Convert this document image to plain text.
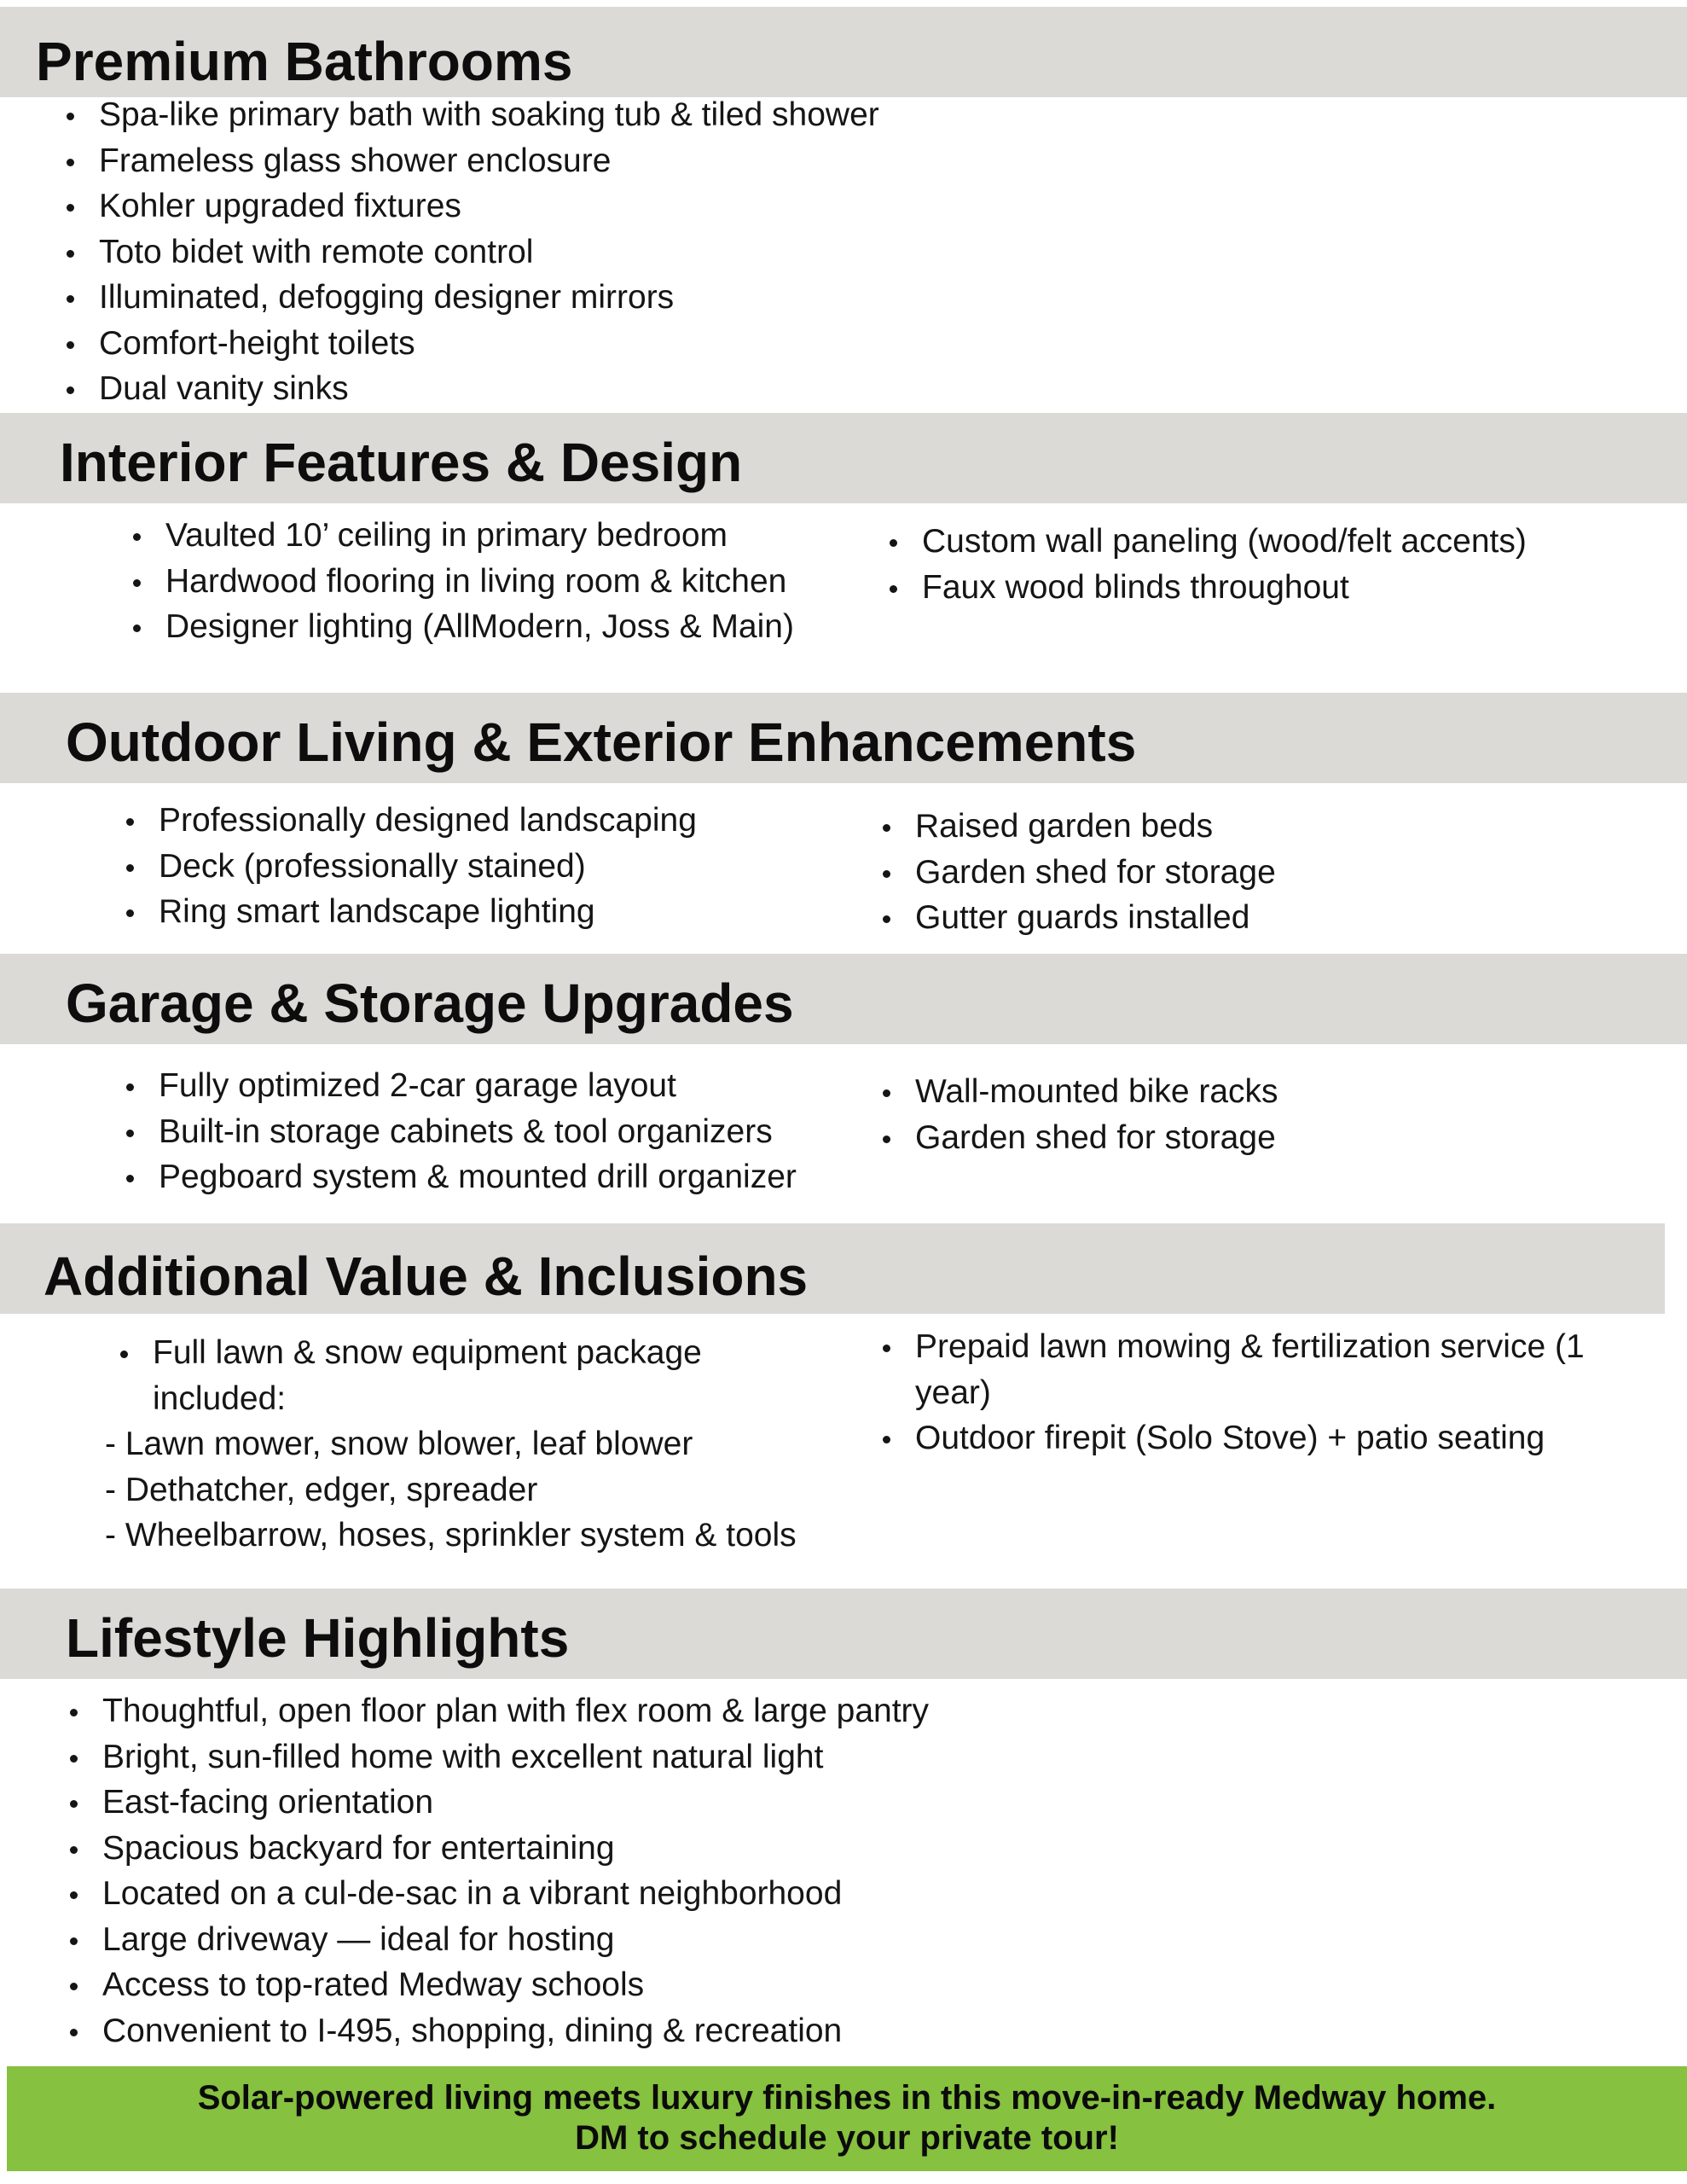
Premium Bathrooms
Spa-like primary bath with soaking tub & tiled shower
Frameless glass shower enclosure
Kohler upgraded fixtures
Toto bidet with remote control
Illuminated, defogging designer mirrors
Comfort-height toilets
Dual vanity sinks
Interior Features & Design
Vaulted 10’ ceiling in primary bedroom
Hardwood flooring in living room & kitchen
Designer lighting (AllModern, Joss & Main)
Custom wall paneling (wood/felt accents)
Faux wood blinds throughout
Outdoor Living & Exterior Enhancements
Professionally designed landscaping
Deck (professionally stained)
Ring smart landscape lighting
Raised garden beds
Garden shed for storage
Gutter guards installed
Garage & Storage Upgrades
Fully optimized 2-car garage layout
Built-in storage cabinets & tool organizers
Pegboard system & mounted drill organizer
Wall-mounted bike racks
Garden shed for storage
Additional Value & Inclusions
Full lawn & snow equipment package included:
- Lawn mower, snow blower, leaf blower
- Dethatcher, edger, spreader
- Wheelbarrow, hoses, sprinkler system & tools
Prepaid lawn mowing & fertilization service (1 year)
Outdoor firepit (Solo Stove) + patio seating
Lifestyle Highlights
Thoughtful, open floor plan with flex room & large pantry
Bright, sun-filled home with excellent natural light
East-facing orientation
Spacious backyard for entertaining
Located on a cul-de-sac in a vibrant neighborhood
Large driveway — ideal for hosting
Access to top-rated Medway schools
Convenient to I-495, shopping, dining & recreation

Solar-powered living meets luxury finishes in this move-in-ready Medway home.

DM to schedule your private tour!
